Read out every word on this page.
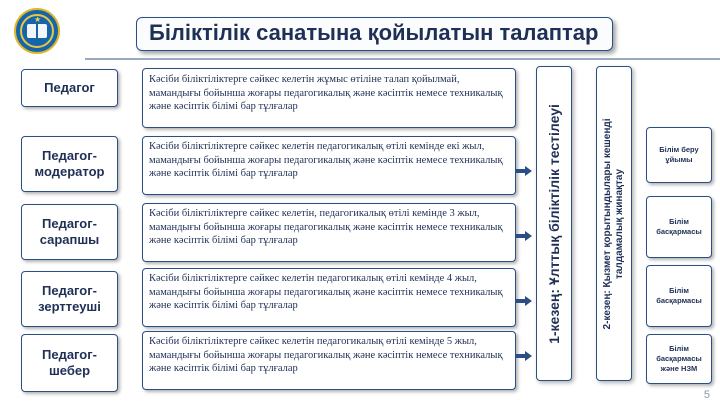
★
Біліктілік санатына қойылатын талаптар
Педагог
Педагог-модератор
Педагог-сарапшы
Педагог-зерттеуші
Педагог-шебер
Кәсіби біліктіліктерге сәйкес келетін жұмыс өтіліне талап қойылмай, мамандығы бойынша жоғары педагогикалық және кәсіптік немесе техникалық және кәсіптік білімі бар тұлғалар
Кәсіби біліктіліктерге сәйкес келетін педагогикалық өтілі кемінде екі жыл, мамандығы бойынша жоғары педагогикалық және кәсіптік немесе техникалық және кәсіптік білімі бар тұлғалар
Кәсіби біліктіліктерге сәйкес келетін, педагогикалық өтілі кемінде 3 жыл, мамандығы бойынша жоғары педагогикалық және кәсіптік немесе техникалық және кәсіптік білімі бар тұлғалар
Кәсіби біліктіліктерге сәйкес келетін педагогикалық өтілі кемінде 4 жыл, мамандығы бойынша жоғары педагогикалық және кәсіптік немесе техникалық және кәсіптік білімі бар тұлғалар
Кәсіби біліктіліктерге сәйкес келетін педагогикалық өтілі кемінде 5 жыл, мамандығы бойынша жоғары педагогикалық және кәсіптік немесе техникалық және кәсіптік білімі бар тұлғалар
1-кезең: Ұлттық біліктілік тестілеуі	2-кезең: Қызмет қорытындылары кешенді талдамалық жинақтау
Білім беру ұйымы
Білім басқармасы
Білім басқармасы
Білім басқармасы және НЗМ
5
